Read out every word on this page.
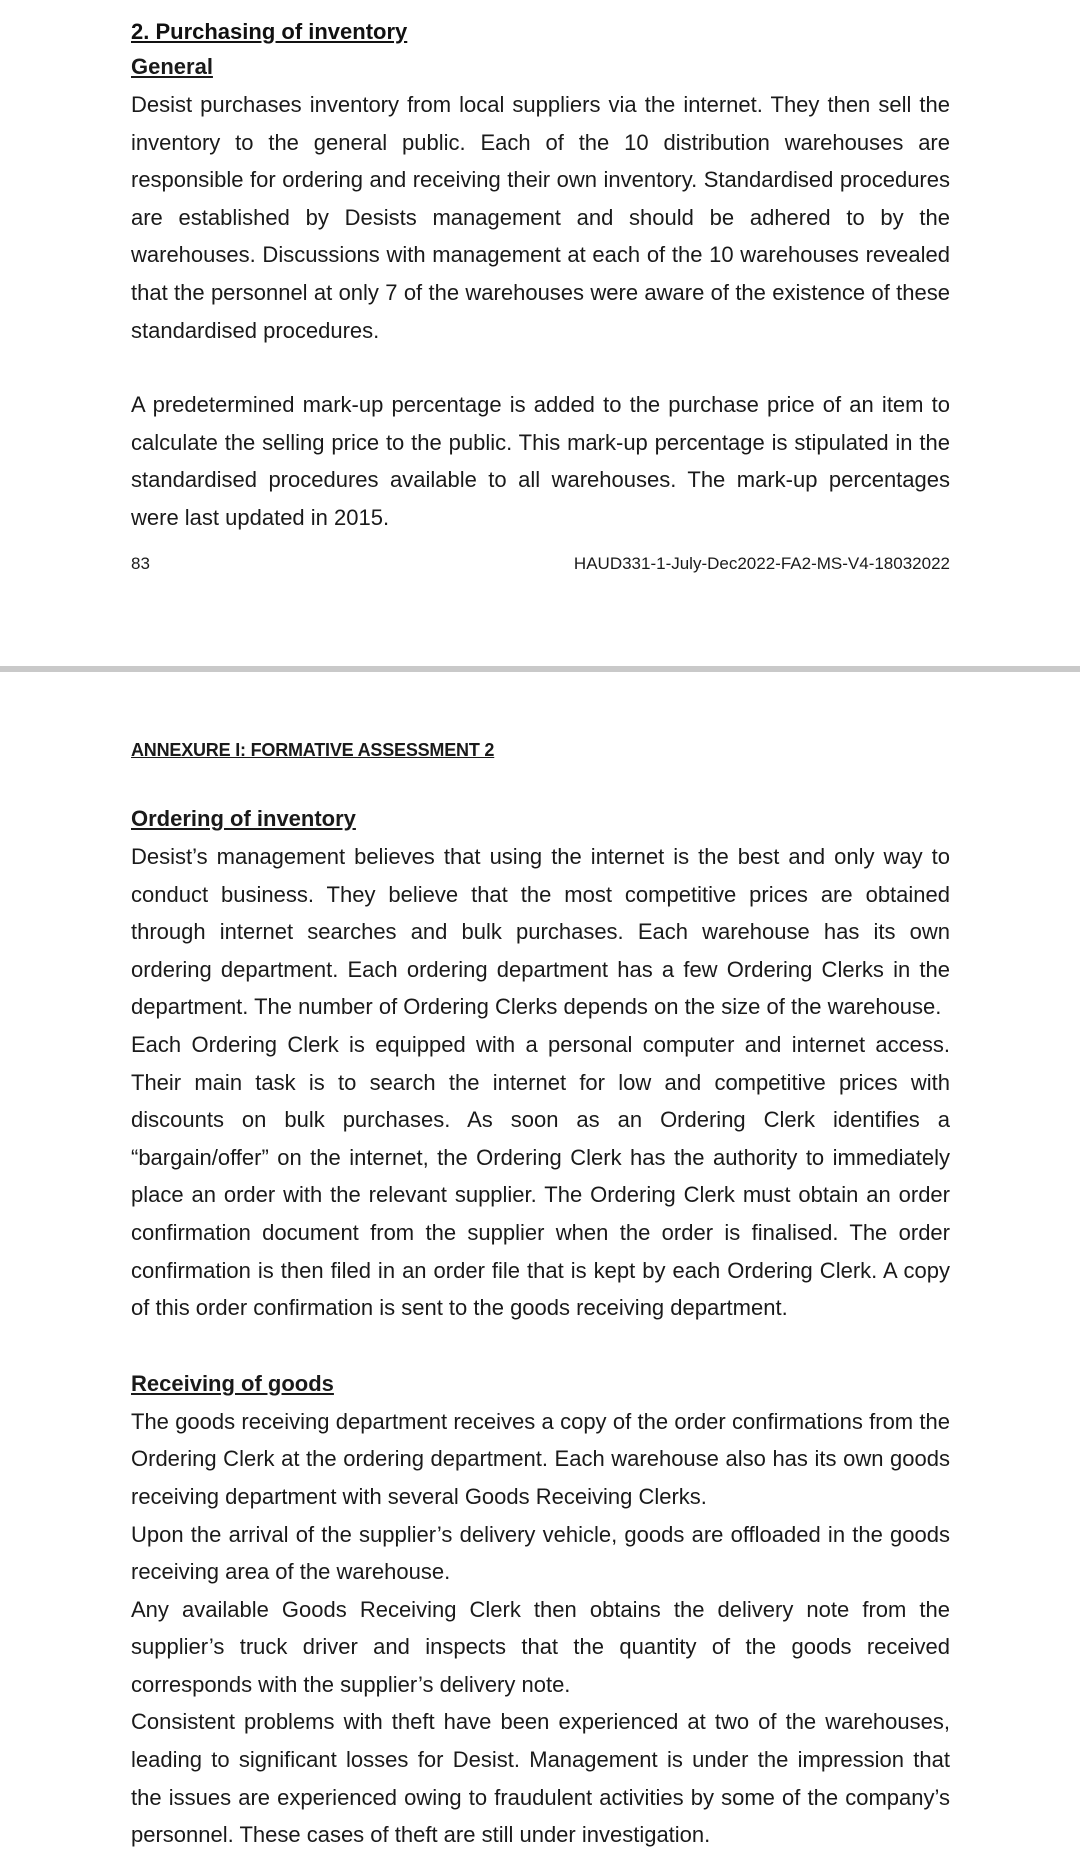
2. Purchasing of inventory
General

Desist purchases inventory from local suppliers via the internet. They then sell the inventory to the general public. Each of the 10 distribution warehouses are responsible for ordering and receiving their own inventory. Standardised procedures are established by Desists management and should be adhered to by the warehouses. Discussions with management at each of the 10 warehouses revealed that the personnel at only 7 of the warehouses were aware of the existence of these standardised procedures.

A predetermined mark-up percentage is added to the purchase price of an item to calculate the selling price to the public. This mark-up percentage is stipulated in the standardised procedures available to all warehouses. The mark-up percentages were last updated in 2015.

83	HAUD331-1-July-Dec2022-FA2-MS-V4-18032022
ANNEXURE I: FORMATIVE ASSESSMENT 2
Ordering of inventory

Desist’s management believes that using the internet is the best and only way to conduct business. They believe that the most competitive prices are obtained through internet searches and bulk purchases. Each warehouse has its own ordering department. Each ordering department has a few Ordering Clerks in the department. The number of Ordering Clerks depends on the size of the warehouse.

Each Ordering Clerk is equipped with a personal computer and internet access. Their main task is to search the internet for low and competitive prices with discounts on bulk purchases. As soon as an Ordering Clerk identifies a “bargain/offer” on the internet, the Ordering Clerk has the authority to immediately place an order with the relevant supplier. The Ordering Clerk must obtain an order confirmation document from the supplier when the order is finalised. The order confirmation is then filed in an order file that is kept by each Ordering Clerk. A copy of this order confirmation is sent to the goods receiving department.

Receiving of goods

The goods receiving department receives a copy of the order confirmations from the Ordering Clerk at the ordering department. Each warehouse also has its own goods receiving department with several Goods Receiving Clerks.

Upon the arrival of the supplier’s delivery vehicle, goods are offloaded in the goods receiving area of the warehouse.

Any available Goods Receiving Clerk then obtains the delivery note from the supplier’s truck driver and inspects that the quantity of the goods received corresponds with the supplier’s delivery note.

Consistent problems with theft have been experienced at two of the warehouses, leading to significant losses for Desist. Management is under the impression that the issues are experienced owing to fraudulent activities by some of the company’s personnel. These cases of theft are still under investigation.
